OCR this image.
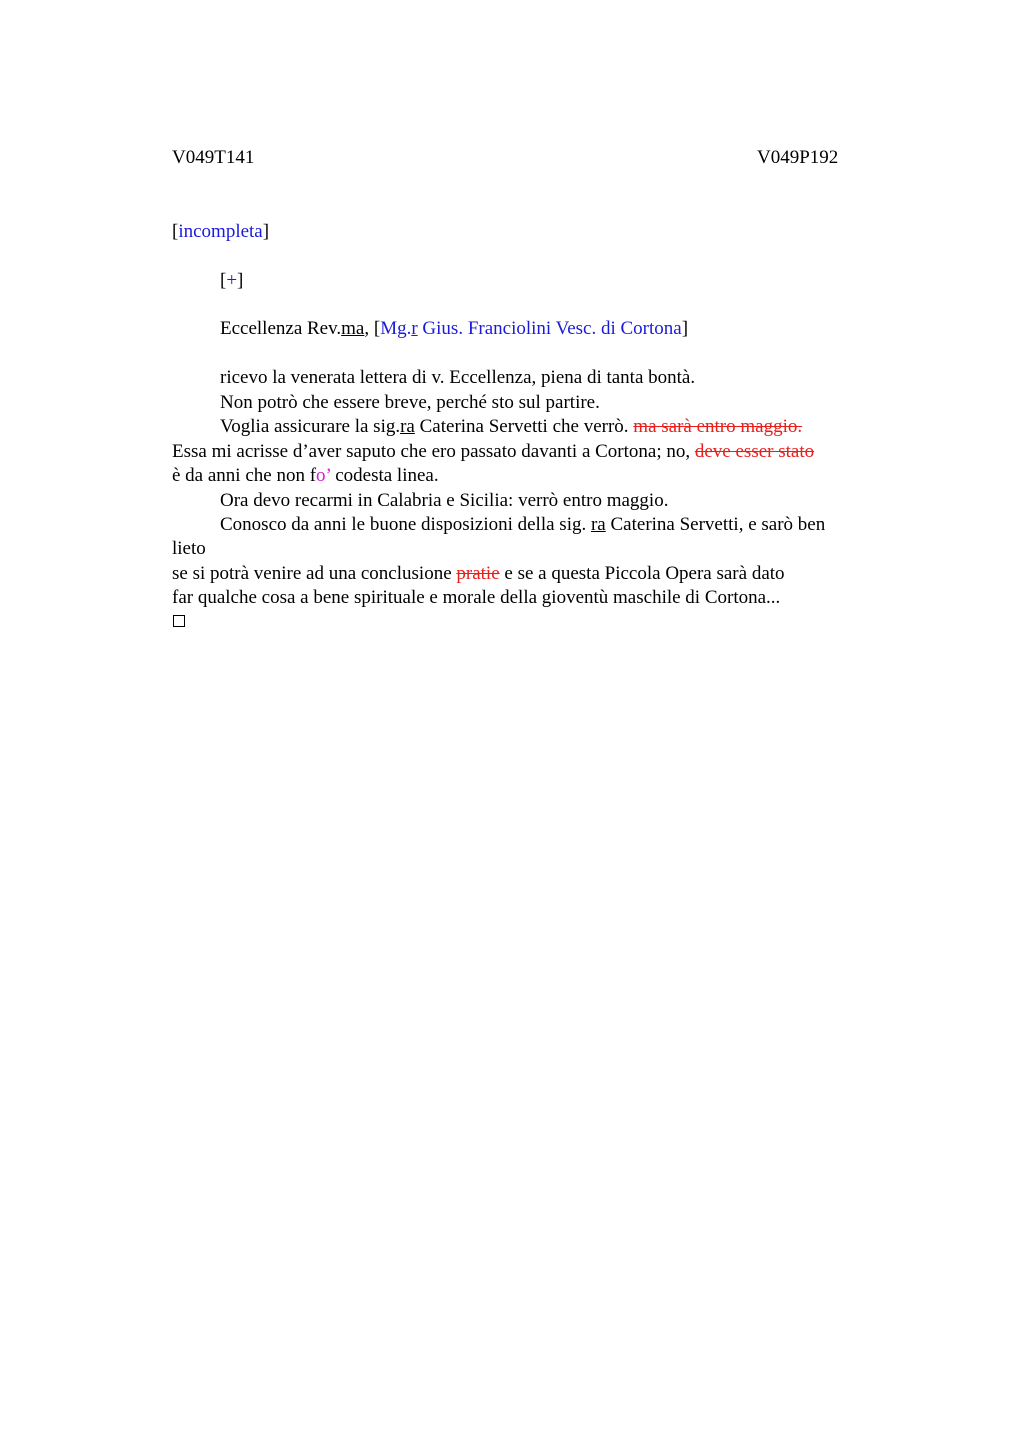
V049T141	V049P192
[incompleta]
[+]
Eccellenza Rev.ma, [Mg.r Gius. Franciolini Vesc. di Cortona]
ricevo la venerata lettera di v. Eccellenza, piena di tanta bontà.
Non potrò che essere breve, perché sto sul partire.
Voglia assicurare la sig.ra Caterina Servetti che verrò. ma sarà entro maggio.
Essa mi acrisse d’aver saputo che ero passato davanti a Cortona; no, deve esser stato
è da anni che non fo’ codesta linea.
Ora devo recarmi in Calabria e Sicilia: verrò entro maggio.
Conosco da anni le buone disposizioni della sig. ra Caterina Servetti, e sarò ben
lieto
se si potrà venire ad una conclusione pratie e se a questa Piccola Opera sarà dato
far qualche cosa a bene spirituale e morale della gioventù maschile di Cortona...
